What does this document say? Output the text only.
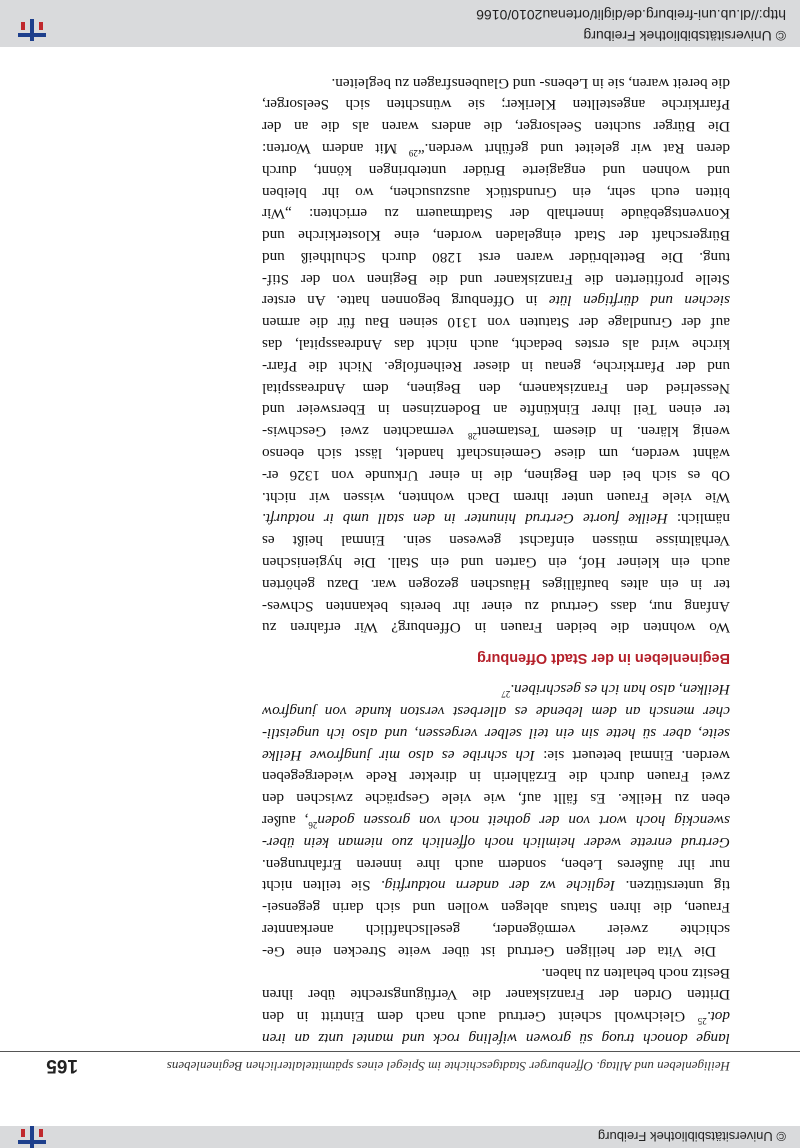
© Universitätsbibliothek Freiburg
Heiligenleben und Alltag. Offenburger Stadtgeschichte im Spiegel eines spätmittelalterlichen Beginenlebens
165
lange donoch truog sü growen wifeling rock und mantel untz an iren
dot.$^{25}$ Gleichwohl scheint Gertrud auch nach dem Eintritt in den
Dritten Orden der Franziskaner die Verfügungsrechte über ihren
Besitz noch behalten zu haben.
Die Vita der heiligen Gertrud ist über weite Strecken eine Ge-
schichte zweier vermögender, gesellschaftlich anerkannter
Frauen, die ihren Status ablegen wollen und sich darin gegensei-
tig unterstützen. Iegliche wz der andern notdurftig. Sie teilten nicht
nur ihr äußeres Leben, sondern auch ihre inneren Erfahrungen.
Gertrud enrette weder heimlich noch offenlich zuo nieman kein über-
swenckig hoch wort von der gotheit noch von grossen goden$^{26}$, außer
eben zu Heilke. Es fällt auf, wie viele Gespräche zwischen den
zwei Frauen durch die Erzählerin in direkter Rede wiedergegeben
werden. Einmal beteuert sie: Ich schribe es also mir jungfrowe Heilke
seite, aber sü hette sin ein teil selber vergessen, und also ich ungeistli-
cher mensch an dem lebende es allerbest verston kunde von jungfrow
Heilken, also han ich es geschriben.$^{27}$
Beginenleben in der Stadt Offenburg
Wo wohnten die beiden Frauen in Offenburg? Wir erfahren zu
Anfang nur, dass Gertrud zu einer ihr bereits bekannten Schwes-
ter in ein altes baufälliges Häuschen gezogen war. Dazu gehörten
auch ein kleiner Hof, ein Garten und ein Stall. Die hygienischen
Verhältnisse müssen einfachst gewesen sein. Einmal heißt es
nämlich: Heilke fuorte Gertrud hinunter in den stall umb ir notdurft.
Wie viele Frauen unter ihrem Dach wohnten, wissen wir nicht.
Ob es sich bei den Beginen, die in einer Urkunde von 1326 er-
wähnt werden, um diese Gemeinschaft handelt, lässt sich ebenso
wenig klären. In diesem Testament$^{28}$ vermachten zwei Geschwis-
ter einen Teil ihrer Einkünfte an Bodenzinsen in Ebersweier und
Nesselried den Franziskanern, den Beginen, dem Andreasspital
und der Pfarrkirche, genau in dieser Reihenfolge. Nicht die Pfarr-
kirche wird als erstes bedacht, auch nicht das Andreasspital, das
auf der Grundlage der Statuten von 1310 seinen Bau für die armen
siechen und dürftigen lüte in Offenburg begonnen hatte. An erster
Stelle profitierten die Franziskaner und die Beginen von der Stif-
tung. Die Bettelbrüder waren erst 1280 durch Schultheiß und
Bürgerschaft der Stadt eingeladen worden, eine Klosterkirche und
Konventsgebäude innerhalb der Stadtmauern zu errichten: „Wir
bitten euch sehr, ein Grundstück auszusuchen, wo ihr bleiben
und wohnen und engagierte Brüder unterbringen könnt, durch
deren Rat wir geleitet und geführt werden.“$^{29}$ Mit andern Worten:
Die Bürger suchten Seelsorger, die anders waren als die an der
Pfarrkirche angestellten Kleriker; sie wünschten sich Seelsorger,
die bereit waren, sie in Lebens- und Glaubensfragen zu begleiten.
© Universitätsbibliothek Freiburg
http://dl.ub.uni-freiburg.de/diglit/ortenau2010/0166
